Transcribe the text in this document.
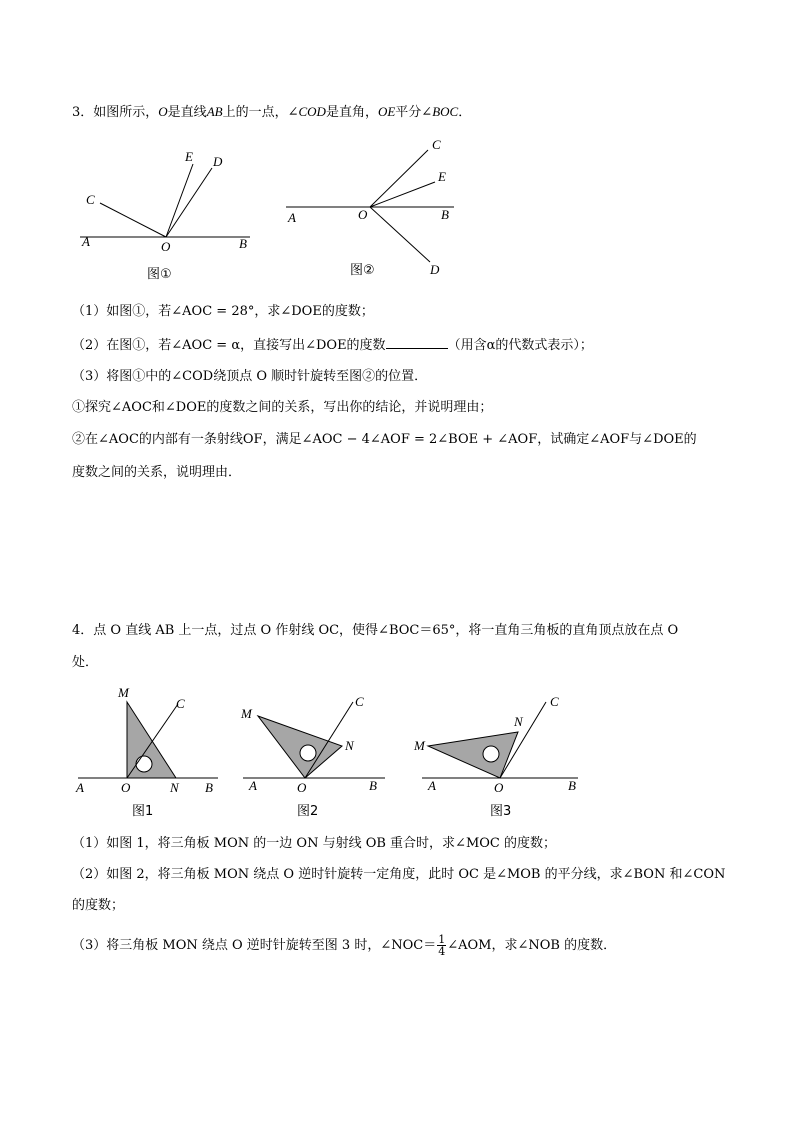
3．如图所示，O是直线AB上的一点，∠COD是直角，OE平分∠BOC．
A	O	B
C
E D
图①
A	O	B
C
E
D
图②
（1）如图①，若∠AOC = 28°，求∠DOE的度数；
（2）在图①，若∠AOC = α，直接写出∠DOE的度数	（用含α的代数式表示）；
（3）将图①中的∠COD绕顶点 O 顺时针旋转至图②的位置．
①探究∠AOC和∠DOE的度数之间的关系，写出你的结论，并说明理由；
②在∠AOC的内部有一条射线OF，满足∠AOC − 4∠AOF = 2∠BOE + ∠AOF，试确定∠AOF与∠DOE的
度数之间的关系，说明理由．
4．点 O 直线 AB 上一点，过点 O 作射线 OC，使得∠BOC＝65°，将一直角三角板的直角顶点放在点 O
处．
M
C
A	O	N B
图1
M
C
N
A	O	B
图2
M
N
C
A	O	B
图3
（1）如图 1，将三角板 MON 的一边 ON 与射线 OB 重合时，求∠MOC 的度数；
（2）如图 2，将三角板 MON 绕点 O 逆时针旋转一定角度，此时 OC 是∠MOB 的平分线，求∠BON 和∠CON
的度数；
（3）将三角板 MON 绕点 O 逆时针旋转至图 3 时，∠NOC＝ $\frac{1}{4}$ ∠AOM，求∠NOB 的度数．
